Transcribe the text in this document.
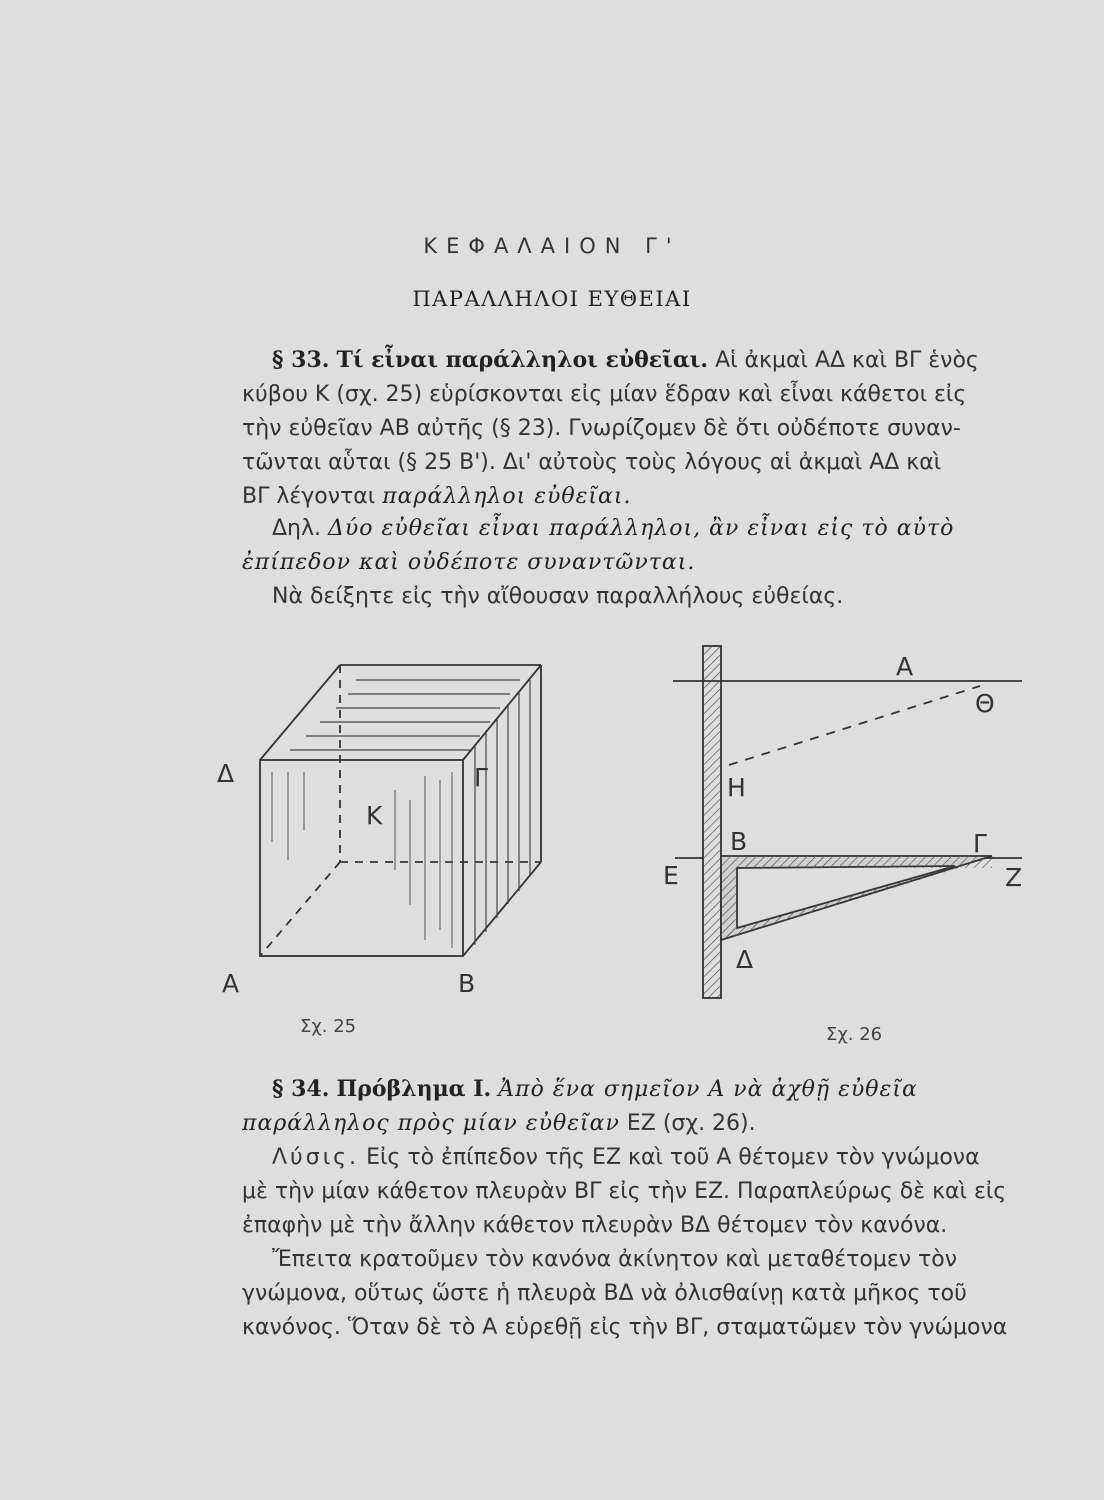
ΚΕΦΑΛΑΙΟΝ Γ'
ΠΑΡΑΛΛΗΛΟΙ ΕΥΘΕΙΑΙ
§ 33. Τί εἶναι παράλληλοι εὐθεῖαι. Αἱ ἀκμαὶ ΑΔ καὶ ΒΓ ἑνὸς
κύβου Κ (σχ. 25) εὑρίσκονται εἰς μίαν ἕδραν καὶ εἶναι κάθετοι εἰς
τὴν εὐθεῖαν ΑΒ αὐτῆς (§ 23). Γνωρίζομεν δὲ ὅτι οὐδέποτε συναν-
τῶνται αὗται (§ 25 Β'). Δι' αὐτοὺς τοὺς λόγους αἱ ἀκμαὶ ΑΔ καὶ
ΒΓ λέγονται παράλληλοι εὐθεῖαι.
Δηλ. Δύο εὐθεῖαι εἶναι παράλληλοι, ἂν εἶναι εἰς τὸ αὐτὸ
ἐπίπεδον καὶ οὐδέποτε συναντῶνται.
Νὰ δείξητε εἰς τὴν αἴθουσαν παραλλήλους εὐθείας.
Δ	Γ
Α	Β
Κ
Α
Θ
Η
Β	Γ
Ε	Ζ
Δ
Σχ. 25	Σχ. 26
§ 34. Πρόβλημα Ι. Ἀπὸ ἕνα σημεῖον Α νὰ ἀχθῇ εὐθεῖα
παράλληλος πρὸς μίαν εὐθεῖαν ΕΖ (σχ. 26).
Λύσις. Εἰς τὸ ἐπίπεδον τῆς ΕΖ καὶ τοῦ Α θέτομεν τὸν γνώμονα
μὲ τὴν μίαν κάθετον πλευρὰν ΒΓ εἰς τὴν ΕΖ. Παραπλεύρως δὲ καὶ εἰς
ἐπαφὴν μὲ τὴν ἄλλην κάθετον πλευρὰν ΒΔ θέτομεν τὸν κανόνα.
Ἔπειτα κρατοῦμεν τὸν κανόνα ἀκίνητον καὶ μεταθέτομεν τὸν
γνώμονα, οὕτως ὥστε ἡ πλευρὰ ΒΔ νὰ ὀλισθαίνῃ κατὰ μῆκος τοῦ
κανόνος. Ὅταν δὲ τὸ Α εὑρεθῇ εἰς τὴν ΒΓ, σταματῶμεν τὸν γνώμονα
